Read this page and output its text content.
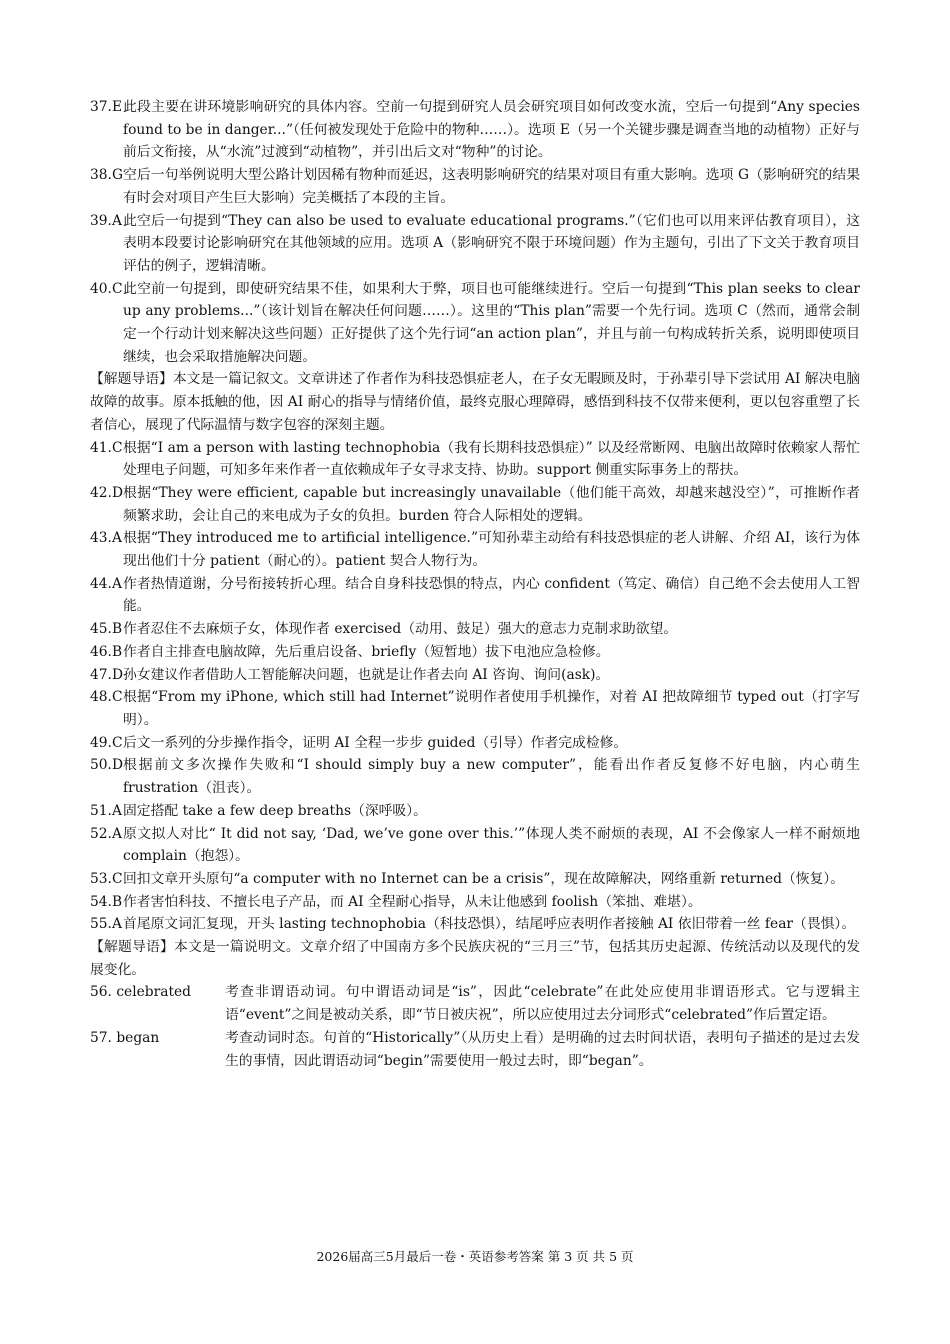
37.E 此段主要在讲环境影响研究的具体内容。空前一句提到研究人员会研究项目如何改变水流，空后一句提到“Any species found to be in danger...”（任何被发现处于危险中的物种……）。选项 E（另一个关键步骤是调查当地的动植物）正好与前后文衔接，从“水流”过渡到“动植物”，并引出后文对“物种”的讨论。
38.G 空后一句举例说明大型公路计划因稀有物种而延迟，这表明影响研究的结果对项目有重大影响。选项 G（影响研究的结果有时会对项目产生巨大影响）完美概括了本段的主旨。
39.A 此空后一句提到“They can also be used to evaluate educational programs.”（它们也可以用来评估教育项目），这表明本段要讨论影响研究在其他领域的应用。选项 A（影响研究不限于环境问题）作为主题句，引出了下文关于教育项目评估的例子，逻辑清晰。
40.C 此空前一句提到，即使研究结果不佳，如果利大于弊，项目也可能继续进行。空后一句提到“This plan seeks to clear up any problems...”（该计划旨在解决任何问题……）。这里的“This plan”需要一个先行词。选项 C（然而，通常会制定一个行动计划来解决这些问题）正好提供了这个先行词“an action plan”，并且与前一句构成转折关系，说明即使项目继续，也会采取措施解决问题。
【解题导语】本文是一篇记叙文。文章讲述了作者作为科技恐惧症老人，在子女无暇顾及时，于孙辈引导下尝试用 AI 解决电脑故障的故事。原本抵触的他，因 AI 耐心的指导与情绪价值，最终克服心理障碍，感悟到科技不仅带来便利，更以包容重塑了长者信心，展现了代际温情与数字包容的深刻主题。
41.C 根据“I am a person with lasting technophobia（我有长期科技恐惧症）” 以及经常断网、电脑出故障时依赖家人帮忙处理电子问题，可知多年来作者一直依赖成年子女寻求支持、协助。support 侧重实际事务上的帮扶。
42.D 根据“They were efficient, capable but increasingly unavailable（他们能干高效，却越来越没空）”，可推断作者频繁求助，会让自己的来电成为子女的负担。burden 符合人际相处的逻辑。
43.A 根据“They introduced me to artificial intelligence.”可知孙辈主动给有科技恐惧症的老人讲解、介绍 AI，该行为体现出他们十分 patient（耐心的）。patient 契合人物行为。
44.A 作者热情道谢，分号衔接转折心理。结合自身科技恐惧的特点，内心 confident（笃定、确信）自己绝不会去使用人工智能。
45.B 作者忍住不去麻烦子女，体现作者 exercised（动用、鼓足）强大的意志力克制求助欲望。
46.B 作者自主排查电脑故障，先后重启设备、briefly（短暂地）拔下电池应急检修。
47.D 孙女建议作者借助人工智能解决问题，也就是让作者去向 AI 咨询、询问(ask)。
48.C 根据“From my iPhone, which still had Internet”说明作者使用手机操作，对着 AI 把故障细节 typed out（打字写明）。
49.C 后文一系列的分步操作指令，证明 AI 全程一步步 guided（引导）作者完成检修。
50.D 根据前文多次操作失败和“I should simply buy a new computer”，能看出作者反复修不好电脑，内心萌生 frustration（沮丧）。
51.A 固定搭配 take a few deep breaths（深呼吸）。
52.A 原文拟人对比“ It did not say, ‘Dad, we’ve gone over this.’”体现人类不耐烦的表现，AI 不会像家人一样不耐烦地 complain（抱怨）。
53.C 回扣文章开头原句“a computer with no Internet can be a crisis”，现在故障解决，网络重新 returned（恢复）。
54.B 作者害怕科技、不擅长电子产品，而 AI 全程耐心指导，从未让他感到 foolish（笨拙、难堪）。
55.A 首尾原文词汇复现，开头 lasting technophobia（科技恐惧），结尾呼应表明作者接触 AI 依旧带着一丝 fear（畏惧）。
【解题导语】本文是一篇说明文。文章介绍了中国南方多个民族庆祝的“三月三”节，包括其历史起源、传统活动以及现代的发展变化。
56. celebrated	考查非谓语动词。句中谓语动词是“is”，因此“celebrate”在此处应使用非谓语形式。它与逻辑主语“event”之间是被动关系，即“节日被庆祝”，所以应使用过去分词形式“celebrated”作后置定语。
57. began	考查动词时态。句首的“Historically”（从历史上看）是明确的过去时间状语，表明句子描述的是过去发生的事情，因此谓语动词“begin”需要使用一般过去时，即“began”。
2026届高三5月最后一卷・英语参考答案 第 3 页 共 5 页
